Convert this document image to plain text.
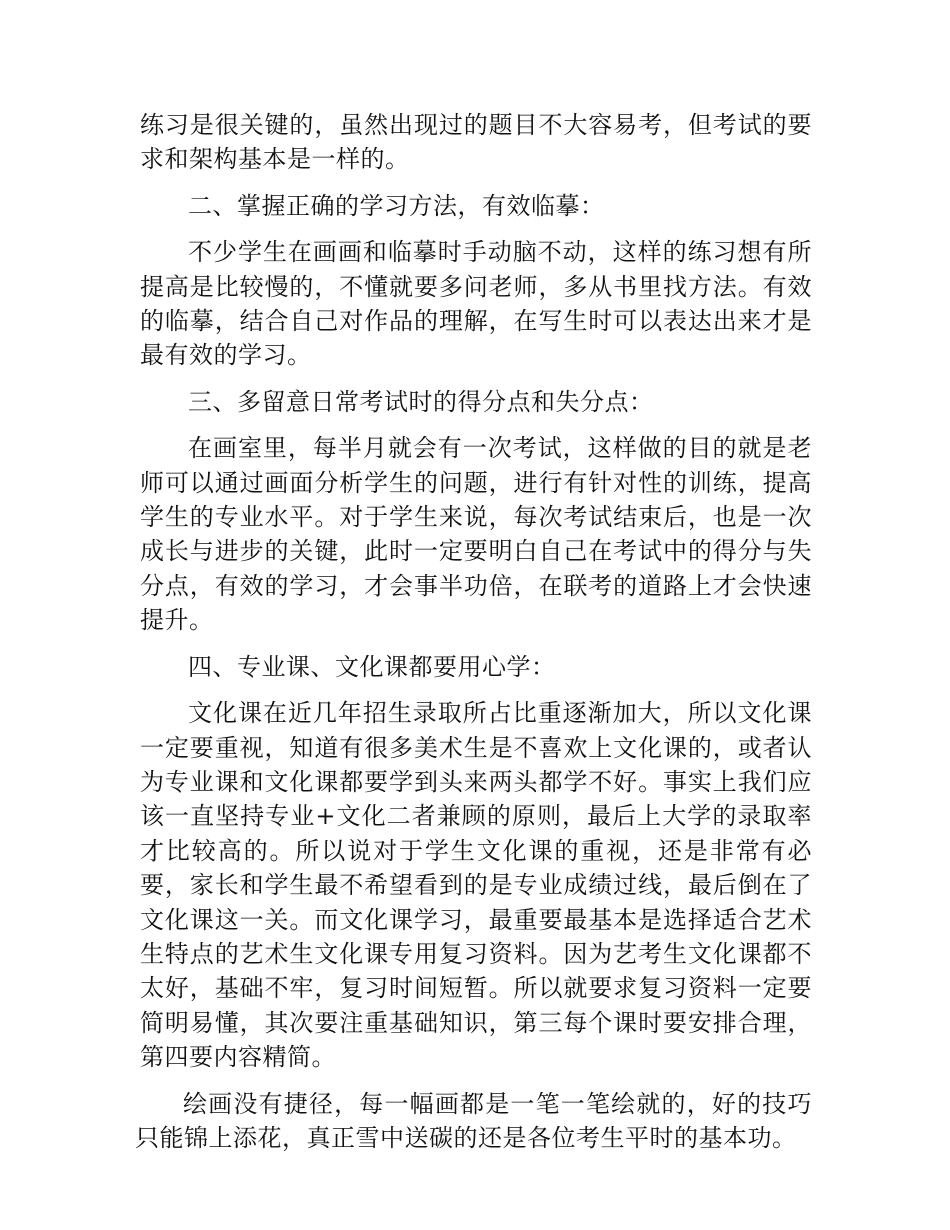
练习是很关键的，虽然出现过的题目不大容易考，但考试的要求和架构基本是一样的。

二、掌握正确的学习方法，有效临摹：

不少学生在画画和临摹时手动脑不动，这样的练习想有所提高是比较慢的，不懂就要多问老师，多从书里找方法。有效的临摹，结合自己对作品的理解，在写生时可以表达出来才是最有效的学习。

三、多留意日常考试时的得分点和失分点：

在画室里，每半月就会有一次考试，这样做的目的就是老师可以通过画面分析学生的问题，进行有针对性的训练，提高学生的专业水平。对于学生来说，每次考试结束后，也是一次成长与进步的关键，此时一定要明白自己在考试中的得分与失分点，有效的学习，才会事半功倍，在联考的道路上才会快速提升。

四、专业课、文化课都要用心学：

文化课在近几年招生录取所占比重逐渐加大，所以文化课一定要重视，知道有很多美术生是不喜欢上文化课的，或者认为专业课和文化课都要学到头来两头都学不好。事实上我们应该一直坚持专业+文化二者兼顾的原则，最后上大学的录取率才比较高的。所以说对于学生文化课的重视，还是非常有必要，家长和学生最不希望看到的是专业成绩过线，最后倒在了文化课这一关。而文化课学习，最重要最基本是选择适合艺术生特点的艺术生文化课专用复习资料。因为艺考生文化课都不太好，基础不牢，复习时间短暂。所以就要求复习资料一定要简明易懂，其次要注重基础知识，第三每个课时要安排合理，第四要内容精简。

绘画没有捷径，每一幅画都是一笔一笔绘就的，好的技巧只能锦上添花，真正雪中送碳的还是各位考生平时的基本功。
